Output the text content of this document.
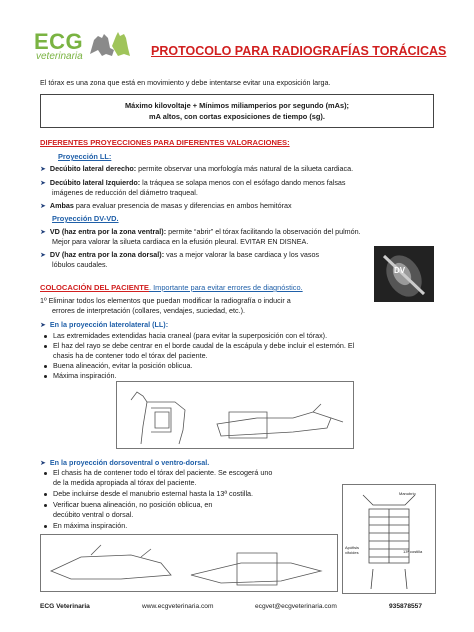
ECG
veterinaria	PROTOCOLO PARA RADIOGRAFÍAS TORÁCICAS
El tórax es una zona que está en movimiento y debe intentarse evitar una exposición larga.
Máximo kilovoltaje + Mínimos miliamperios por segundo (mAs);
mA altos, con cortas exposiciones de tiempo (sg).
DIFERENTES PROYECCIONES PARA DIFERENTES VALORACIONES:
Proyección LL:
➤ Decúbito lateral derecho: permite observar una morfología más natural de la silueta cardiaca.
➤ Decúbito lateral Izquierdo: la tráquea se solapa menos con el esófago dando menos falsas
imágenes de reducción del diámetro traqueal.
➤ Ambas para evaluar presencia de masas y diferencias en ambos hemitórax
Proyección DV-VD.
➤ VD (haz entra por la zona ventral): permite “abrir” el tórax facilitando la observación del pulmón.
Mejor para valorar la silueta cardiaca en la efusión pleural. EVITAR EN DISNEA.
➤ DV (haz entra por la zona dorsal): vas a mejor valorar la base cardiaca y los vasos
lóbulos caudales.
DV
COLOCACIÓN DEL PACIENTE. Importante para evitar errores de diagnóstico.
1º Eliminar todos los elementos que puedan modificar la radiografía o inducir a
errores de interpretación (collares, vendajes, suciedad, etc.).
➤ En la proyección laterolateral (LL):
Las extremidades extendidas hacia craneal (para evitar la superposición con el tórax).
El haz del rayo se debe centrar en el borde caudal de la escápula y debe incluir el esternón. El
chasis ha de contener todo el tórax del paciente.
Buena alineación, evitar la posición oblicua.
Máxima inspiración.
➤ En la proyección dorsoventral o ventro-dorsal.
El chasis ha de contener todo el tórax del paciente. Se escogerá uno
de la medida apropiada al tórax del paciente.
Debe incluirse desde el manubrio esternal hasta la 13ª costilla.
Verificar buena alineación, no posición oblicua, en
decúbito ventral o dorsal.
En máxima inspiración.
Manubrio
Apófisis xifoides	13ª costilla
ECG Veterinaria	www.ecgveterinaria.com	ecgvet@ecgveterinaria.com	935878557
